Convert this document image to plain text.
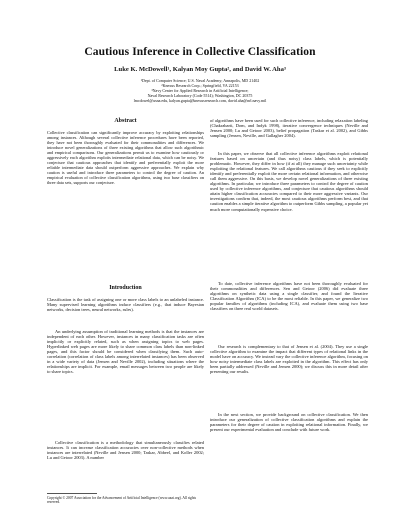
Cautious Inference in Collective Classification
Luke K. McDowell¹, Kalyan Moy Gupta², and David W. Aha³
¹Dept. of Computer Science; U.S. Naval Academy; Annapolis, MD 21402
²Knexus Research Corp.; Springfield, VA 22153
³Navy Center for Applied Research in Artificial Intelligence;
Naval Research Laboratory (Code 5514); Washington, DC 20375
lmcdowel@usna.edu, kalyan.gupta@knexusresearch.com, david.aha@nrl.navy.mil
Abstract
Collective classification can significantly improve accuracy by exploiting relationships among instances. Although several collective inference procedures have been reported, they have not been thoroughly evaluated for their commonalities and differences. We introduce novel generalizations of three existing algorithms that allow such algorithmic and empirical comparisons. Our generalizations permit us to examine how cautiously or aggressively each algorithm exploits intermediate relational data, which can be noisy. We conjecture that cautious approaches that identify and preferentially exploit the more reliable intermediate data should outperform aggressive approaches. We explain why caution is useful and introduce three parameters to control the degree of caution. An empirical evaluation of collective classification algorithms, using two base classifiers on three data sets, supports our conjecture.
Introduction
Classification is the task of assigning one or more class labels to an unlabeled instance. Many supervised learning algorithms induce classifiers (e.g., that induce Bayesian networks, decision trees, neural networks, rules).
An underlying assumption of traditional learning methods is that the instances are independent of each other. However, instances in many classification tasks are often implicitly or explicitly related, such as when assigning topics to web pages. Hyperlinked web pages are more likely to share common class labels than non-linked pages, and this factor should be considered when classifying them. Such auto-correlation (correlation of class labels among interrelated instances) has been observed in a wide variety of data (Jensen and Neville 2002), including situations where the relationships are implicit. For example, email messages between two people are likely to share topics.
Collective classification is a methodology that simultaneously classifies related instances. It can increase classification accuracies over non-collective methods when instances are interrelated (Neville and Jensen 2000; Taskar, Abbeel, and Koller 2002; Lu and Getoor 2003). A number
Copyright © 2007 Association for the Advancement of Artificial Intelligence (www.aaai.org). All rights reserved.
of algorithms have been used for such collective inference, including relaxation labeling (Chakrabarti, Dom, and Indyk 1998), iterative convergence techniques (Neville and Jensen 2000; Lu and Getoor 2003), belief propagation (Taskar et al. 2002), and Gibbs sampling (Jensen, Neville, and Gallagher 2004).
In this paper, we observe that all collective inference algorithms exploit relational features based on uncertain (and thus noisy) class labels, which is potentially problematic. However, they differ in how (if at all) they manage such uncertainty while exploiting the relational features. We call algorithms cautious if they seek to explicitly identify and preferentially exploit the more certain relational information, and otherwise call them aggressive. On this basis, we develop novel generalizations of three existing algorithms. In particular, we introduce three parameters to control the degree of caution used by collective inference algorithms, and conjecture that cautious algorithms should attain higher classification accuracies compared to their more aggressive variants. Our investigations confirm that, indeed, the most cautious algorithms perform best, and that caution enables a simple iterative algorithm to outperform Gibbs sampling, a popular yet much more computationally expensive choice.
To date, collective inference algorithms have not been thoroughly evaluated for their commonalities and differences. Sen and Getoor (2006) did evaluate three algorithms on synthetic data using a single classifier, and found the Iterative Classification Algorithm (ICA) to be the most reliable. In this paper, we generalize two popular families of algorithms (including ICA), and evaluate them using two base classifiers on three real world datasets.
Our research is complementary to that of Jensen et al. (2004). They use a single collective algorithm to examine the impact that different types of relational links in the model have on accuracy. We instead vary the collective inference algorithm, focusing on how noisy intermediate class labels are exploited in the algorithm. This effect has only been partially addressed (Neville and Jensen 2000); we discuss this in more detail after presenting our results.
In the next section, we provide background on collective classification. We then introduce our generalization of collective classification algorithms and explain the parameters for their degree of caution in exploiting relational information. Finally, we present our experimental evaluation and conclude with future work.
